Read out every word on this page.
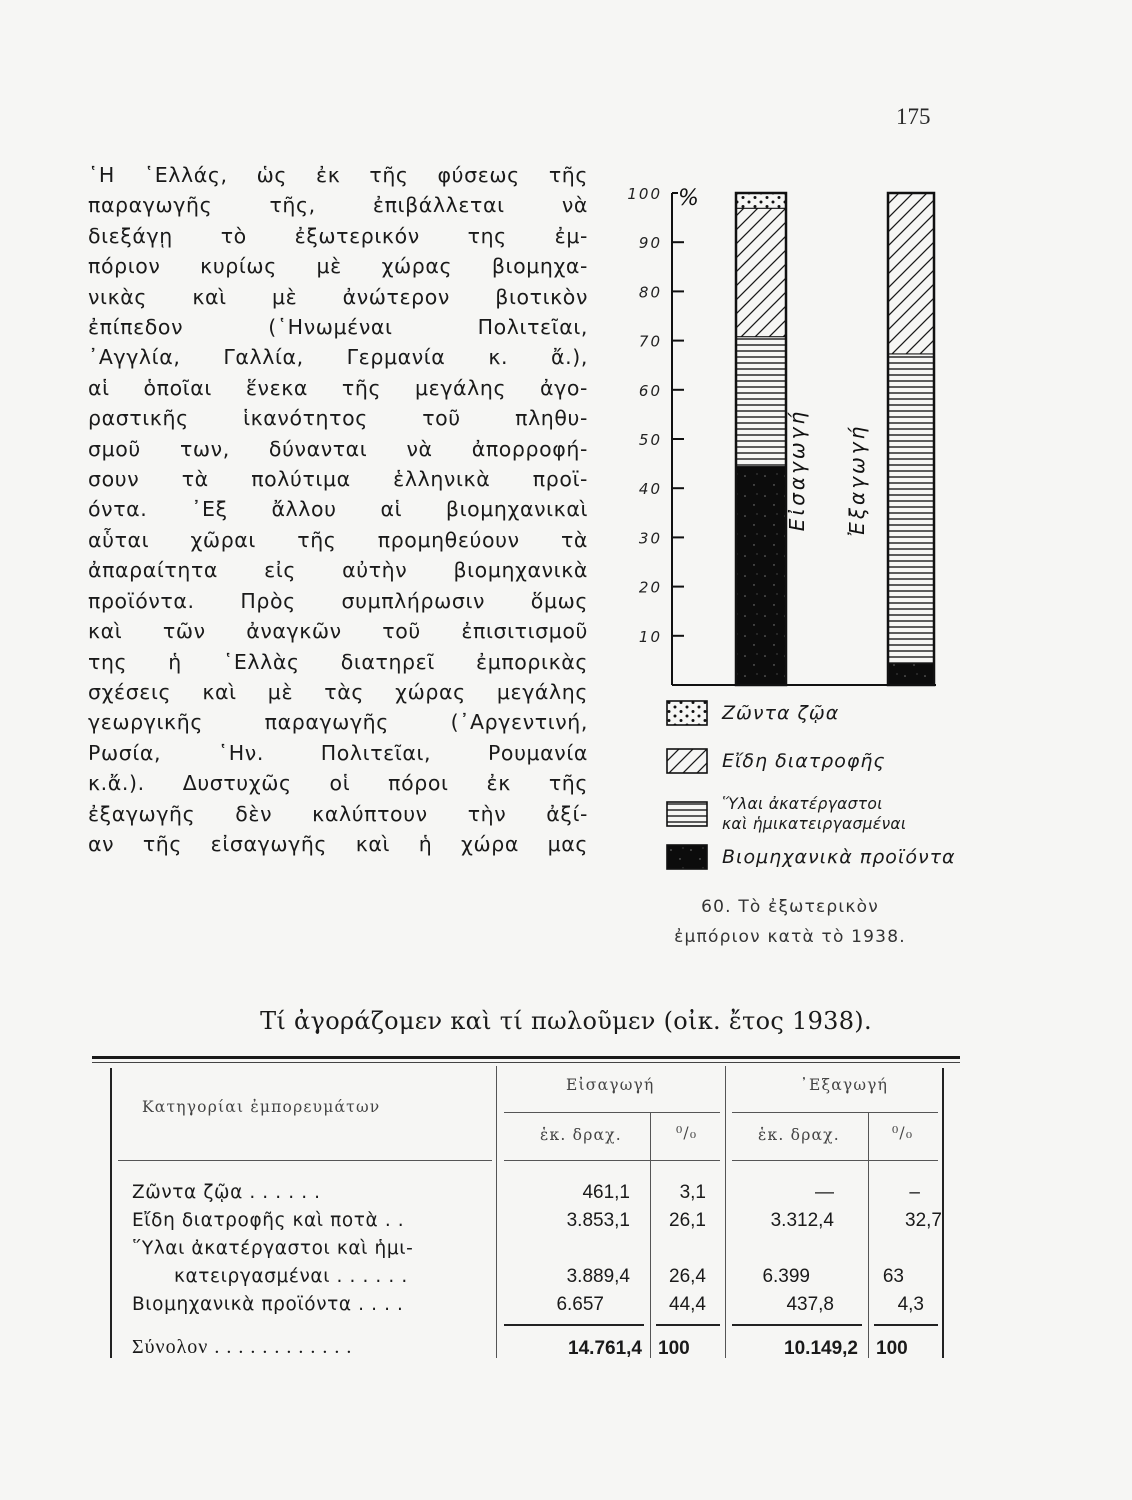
175
῾Η ῾Ελλάς, ὡς ἐκ τῆς φύσεως τῆς
παραγωγῆς τῆς, ἐπιβάλλεται νὰ
διεξάγῃ τὸ ἐξωτερικόν της ἐμ-
πόριον κυρίως μὲ χώρας βιομηχα-
νικὰς καὶ μὲ ἀνώτερον βιοτικὸν
ἐπίπεδον (῾Ηνωμέναι Πολιτεῖαι,
᾿Αγγλία, Γαλλία, Γερμανία κ. ἄ.),
αἱ ὁποῖαι ἕνεκα τῆς μεγάλης ἀγο-
ραστικῆς ἱκανότητος τοῦ πληθυ-
σμοῦ των, δύνανται νὰ ἀπορροφή-
σουν τὰ πολύτιμα ἑλληνικὰ προϊ-
όντα. ᾿Εξ ἄλλου αἱ βιομηχανικαὶ
αὗται χῶραι τῆς προμηθεύουν τὰ
ἀπαραίτητα εἰς αὐτὴν βιομηχανικὰ
προϊόντα. Πρὸς συμπλήρωσιν ὅμως
καὶ τῶν ἀναγκῶν τοῦ ἐπισιτισμοῦ
της ἡ ῾Ελλὰς διατηρεῖ ἐμπορικὰς
σχέσεις καὶ μὲ τὰς χώρας μεγάλης
γεωργικῆς παραγωγῆς (᾿Αργεντινή,
Ρωσία, ῾Ην. Πολιτεῖαι, Ρουμανία
κ.ἄ.). Δυστυχῶς οἱ πόροι ἐκ τῆς
ἐξαγωγῆς δὲν καλύπτουν τὴν ἀξί-
αν τῆς εἰσαγωγῆς καὶ ἡ χώρα μας
%
10
20
30
40
50
60
70
80
90
100
Εἰσαγωγή Ἐξαγωγή
Ζῶντα ζῷα
Εἴδη διατροφῆς
Ὕλαι ἀκατέργαστοι
καὶ ἡμικατειργασμέναι
Βιομηχανικὰ προϊόντα
60. Τὸ ἐξωτερικὸν
ἐμπόριον κατὰ τὸ 1938.
Τί ἀγοράζομεν καὶ τί πωλοῦμεν (οἰκ. ἔτος 1938).
Κατηγορίαι ἐμπορευμάτων
Εἰσαγωγή	᾿Εξαγωγή
ἑκ. δραχ.	⁰/₀	ἑκ. δραχ.	⁰/₀
Ζῶντα ζῷα . . . . . .	461,1	3,1	—	–
Εἴδη διατροφῆς καὶ ποτὰ . .	3.853,1 26,1	3.312,4	32,7
῞Υλαι ἀκατέργαστοι καὶ ἡμι-
κατειργασμέναι . . . . . .	3.889,4 26,4	6.399	63
Βιομηχανικὰ προϊόντα . . . .	6.657	44,4	437,8	4,3
Σύνολον . . . . . . . . . . . .	14.761,4 100	10.149,2 100
